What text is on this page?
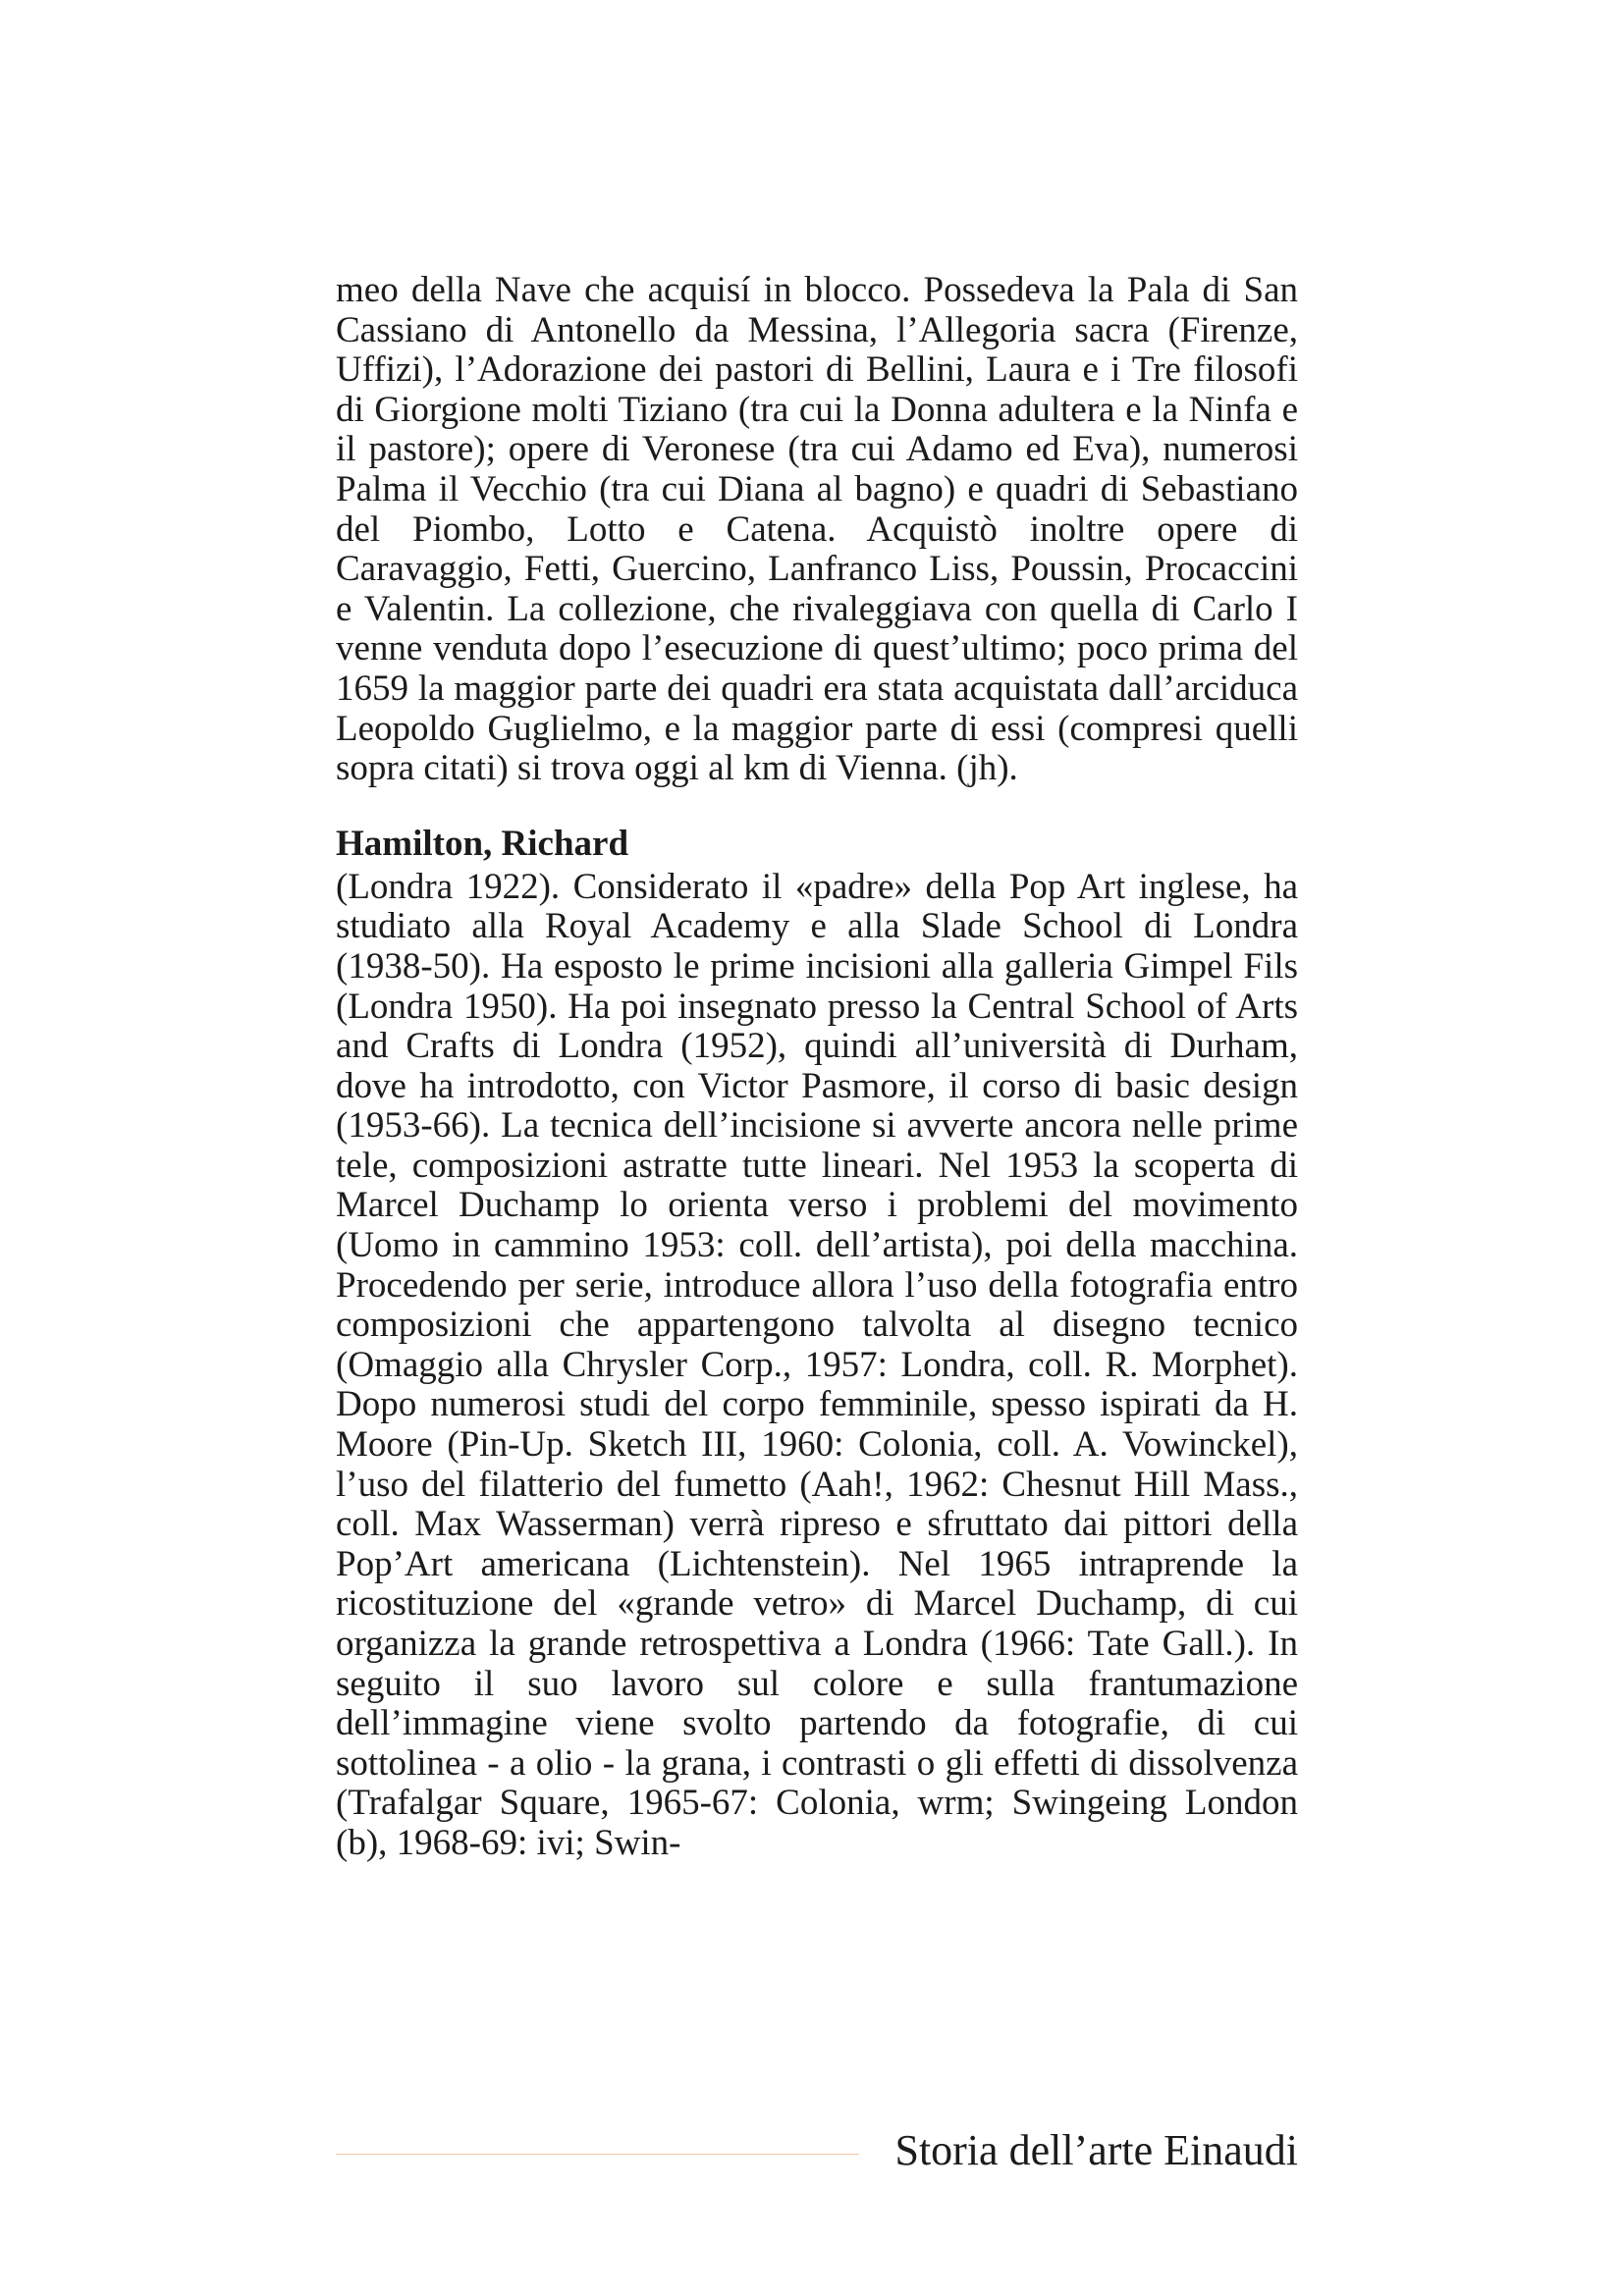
meo della Nave che acquisí in blocco. Possedeva la Pala di San Cassiano di Antonello da Messina, l’Allegoria sacra (Firenze, Uffizi), l’Adorazione dei pastori di Bellini, Laura e i Tre filosofi di Giorgione molti Tiziano (tra cui la Donna adultera e la Ninfa e il pastore); opere di Veronese (tra cui Adamo ed Eva), numerosi Palma il Vecchio (tra cui Diana al bagno) e quadri di Sebastiano del Piombo, Lotto e Catena. Acquistò inoltre opere di Caravaggio, Fetti, Guercino, Lanfranco Liss, Poussin, Procaccini e Valentin. La collezione, che rivaleggiava con quella di Carlo I venne venduta dopo l’esecuzione di quest’ultimo; poco prima del 1659 la maggior parte dei quadri era stata acquistata dall’arciduca Leopoldo Guglielmo, e la maggior parte di essi (compresi quelli sopra citati) si trova oggi al km di Vienna. (jh).

Hamilton, Richard

(Londra 1922). Considerato il «padre» della Pop Art inglese, ha studiato alla Royal Academy e alla Slade School di Londra (1938-50). Ha esposto le prime incisioni alla galleria Gimpel Fils (Londra 1950). Ha poi insegnato presso la Central School of Arts and Crafts di Londra (1952), quindi all’università di Durham, dove ha introdotto, con Victor Pasmore, il corso di basic design (1953-66). La tecnica dell’incisione si avverte ancora nelle prime tele, composizioni astratte tutte lineari. Nel 1953 la scoperta di Marcel Duchamp lo orienta verso i problemi del movimento (Uomo in cammino 1953: coll. dell’artista), poi della macchina. Procedendo per serie, introduce allora l’uso della fotografia entro composizioni che appartengono talvolta al disegno tecnico (Omaggio alla Chrysler Corp., 1957: Londra, coll. R. Morphet). Dopo numerosi studi del corpo femminile, spesso ispirati da H. Moore (Pin-Up. Sketch III, 1960: Colonia, coll. A. Vowinckel), l’uso del filatterio del fumetto (Aah!, 1962: Chesnut Hill Mass., coll. Max Wasserman) verrà ripreso e sfruttato dai pittori della Pop’Art americana (Lichtenstein). Nel 1965 intraprende la ricostituzione del «grande vetro» di Marcel Duchamp, di cui organizza la grande retrospettiva a Londra (1966: Tate Gall.). In seguito il suo lavoro sul colore e sulla frantumazione dell’immagine viene svolto partendo da fotografie, di cui sottolinea - a olio - la grana, i contrasti o gli effetti di dissolvenza (Trafalgar Square, 1965-67: Colonia, wrm; Swingeing London (b), 1968-69: ivi; Swin-

Storia dell’arte Einaudi
